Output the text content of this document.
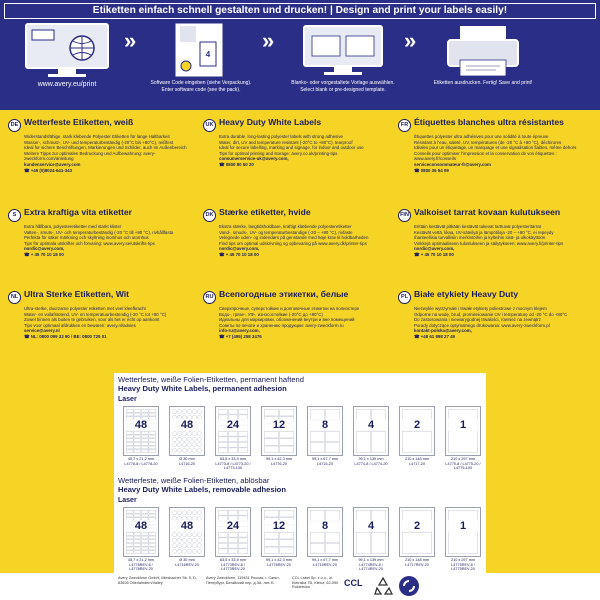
Etiketten einfach schnell gestalten und drucken! | Design and print your labels easily!
www.avery.eu/print
»
4
Software Code eingeben (siehe Verpackung). Enter software code (see the pack).
»
Blanko- oder vorgestaltete Vorlage auswählen. Select blank or pre-designed template.
»
Etiketten ausdrucken. Fertig! Save and print!
DE Wetterfeste Etiketten, weiß
Widerstandsfähige, stark klebende Polyester Etiketten für lange Haltbarkeit
Wasser-, schmutz-, UV- und temperaturbeständig (-20°C bis +80°C), reißfest
Ideal für sichere Beschriftungen, Markierungen und Schilder, auch im Außenbereich
Weitere Tipps zur optimalen Bedruckung und Aufbewahrung: avery-zweckform.com/anleitung
kundenservice@avery.com
☎ +49 (0)8024-641-343
UK Heavy Duty White Labels
Extra durable, long-lasting polyester labels with strong adhesive
Water, dirt, UV and temperature resistant (-20°C to +80°C), tearproof
Ideal for secure labelling, marking and signage, for indoor and outdoor use
Tips for optimal printing and storage: avery.co.uk/printing-tips
consumerservice-uk@avery.com,
☎ 0800 80 50 20
FR Étiquettes blanches ultra résistantes
Étiquettes polyester ultra adhésives pour une solidité à toute épreuve
Résistant à l’eau, saleté, UV, températures (de -20 °C à +80 °C), déchirures
Idéales pour un étiquetage, un marquage et une signalisation fiables, même dehors
Conseils pour optimiser l’impression et la conservation de vos étiquettes : www.avery.fr/conseils
serviceconsommateur-fr@avery.com
☎ 0800 36 54 09
S Extra kraftiga vita etiketter
Extra hållbara, polyesteretiketter med starkt klister
Vatten-, smuts-, UV- och temperaturbeständig (-20 °C till +80 °C), rivhållfasta
Perfekta för säker märkning och skyltning inomhus och utomhus
Tips för optimala utskrifter och förvaring: www.avery.se/utskrifts-tips
nordic@avery.com,
☎ + 45 70 10 18 00
DK Stærke etiketter, hvide
Ekstra stærke, langtidsholdbare, kraftigt klæbende polyesteretiketter
Vand-, smuds-, UV- og temperaturbestandige (-20 – +80 °C), rivfaste
Velegnede uden- og indendørs på genstande med høje krav til holdbarheden
Find tips om optimal udskrivning og opbevaring på www.avery.dk/printer-tips
nordic@avery.com,
☎ + 45 70 10 18 00
FIN Valkoiset tarrat kovaan kulutukseen
Erittäin kestävät pitkään kestävät tukevat tarttuvat polyesteritarrat
Kestävät vettä, likaa, UV-säteilyä ja lämpötiloja -20 – +80 °C, ei repeydy
Ihanteellisia turvallisiin merkintöihin ja kylteihin sisä- ja ulkokäyttöön
Vinkkejä optimaaliseen tulostukseen ja säilytykseen: www.avery.fi/printer-tips
nordic@avery.com,
☎ + 45 70 10 18 00
NL Ultra Sterke Etiketten, Wit
Ultra-sterke, duurzame polyester etiketten met veel kleefkracht
Water- en vuilafstotend, UV- en temperatuurbestendig (-20 °C tot +80 °C)
Zowel binnen als buiten te gebruiken, voor als het er écht op aankomt
Tips voor optimaal afdrukken en bewaren: avery.nl/advies
service@avery.nl
☎ NL: 0800 099 33 90 / BE: 0800 725 01
RU Всепогодные этикетки, белые
Сверхпрочные, суперстойкие и долговечные этикетки на полиэстере
Водо-, грязе-, УФ-, износостойкие (-20°C до +80°C)
Идеальны для маркировки, обозначений внутри и вне помещений
Советы по печати и хранению продукции: avery-zweckform.ru
info-ru@avery.com,
☎ +7 (495) 258 3476
PL Białe etykiety Heavy Duty
Niezwykle wytrzymałe i trwałe etykiety poliestrowe z mocnym klejem
Odporne na wodę, brud, promieniowanie UV i temperaturę od -20 °C do +80°C
Do zastosowania i niewiarygodnej trwałości, również na zewnątrz
Porady dotyczące optymalnego drukowania: www.avery-zweckform.pl
kontakt-polska@avery.com,
☎ +48 61 898 27 49
Wetterfeste, weiße Folien-Etiketten, permanent haftend
Heavy Duty White Labels, permanent adhesion
Laser
48
45,7 x 21,2 mm
L4778-8 / L4778-20
48
Ø 30 mm
L4716-20
24
63,5 x 33,9 mm
L4773-8 / L4773-20 / L4773-100
12
99,1 x 42,3 mm
L4776-20
8
99,1 x 67,7 mm
L4715-20
4
99,1 x 139 mm
L4774-8 / L4774-20
2
210 x 148 mm
L4717-20
1
210 x 297 mm
L4775-8 / L4775-20 / L4775-100
Wetterfeste, weiße Folien-Etiketten, ablösbar
Heavy Duty White Labels, removable adhesion
Laser
48
45,7 x 21,2 mm
L4778REV-8 / L4778REV-20
48
Ø 30 mm
L4716REV-20
24
63,5 x 33,9 mm
L4773REV-8 / L4773REV-20
12
99,1 x 42,3 mm
L4776REV-20
8
99,1 x 67,7 mm
L4715REV-20
4
99,1 x 139 mm
L4774REV-8 / L4774REV-20
2
210 x 148 mm
L4717REV-20
1
210 x 297 mm
L4775REV-8 / L4775REV-20
Avery Zweckform GmbH, Miesbacher Str. 5, D-83626 Oberlaindern/Valley
Avery Zweckform, 119451 Россия, г. Санкт-Петербург, Батайский пер. д.3А, лит. Б
CCL Label Sp. z o.o., ul. Kleinska 7B, Kielcz, 62-090 Rokietnica	CCL
